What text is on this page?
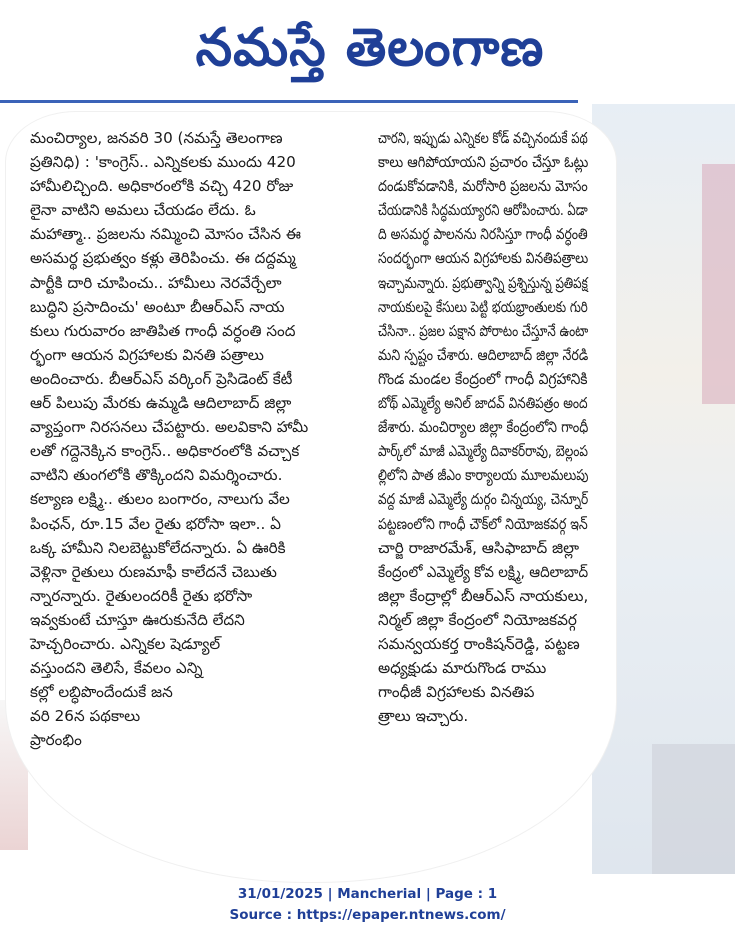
నమస్తే తెలంగాణ
మంచిర్యాల, జనవరి 30 (నమస్తే తెలంగాణ
ప్రతినిధి) : 'కాంగ్రెస్.. ఎన్నికలకు ముందు 420
హామీలిచ్చింది. అధికారంలోకి వచ్చి 420 రోజు
లైనా వాటిని అమలు చేయడం లేదు. ఓ
మహాత్మా.. ప్రజలను నమ్మించి మోసం చేసిన ఈ
అసమర్థ ప్రభుత్వం కళ్లు తెరిపించు. ఈ దద్దమ్మ
పార్టీకి దారి చూపించు.. హామీలు నెరవేర్చేలా
బుద్ధిని ప్రసాదించు' అంటూ బీఆర్ఎస్ నాయ
కులు గురువారం జాతిపిత గాంధీ వర్ధంతి సంద
ర్భంగా ఆయన విగ్రహాలకు వినతి పత్రాలు
అందించారు. బీఆర్ఎస్ వర్కింగ్ ప్రెసిడెంట్ కేటీ
ఆర్ పిలుపు మేరకు ఉమ్మడి ఆదిలాబాద్ జిల్లా
వ్యాప్తంగా నిరసనలు చేపట్టారు. అలవికాని హామీ
లతో గద్దెనెక్కిన కాంగ్రెస్.. అధికారంలోకి వచ్చాక
వాటిని తుంగలోకి తొక్కిందని విమర్శించారు.
కల్యాణ లక్ష్మి.. తులం బంగారం, నాలుగు వేల
పింఛన్, రూ.15 వేల రైతు భరోసా ఇలా.. ఏ
ఒక్క హామీని నిలబెట్టుకోలేదన్నారు. ఏ ఊరికి
వెళ్లినా రైతులు రుణమాఫీ కాలేదనే చెబుతు
న్నారన్నారు. రైతులందరికీ రైతు భరోసా
ఇవ్వకుంటే చూస్తూ ఊరుకునేది లేదని
హెచ్చరించారు. ఎన్నికల షెడ్యూల్
వస్తుందని తెలిసే, కేవలం ఎన్ని
కల్లో లబ్ధిపొందేందుకే జన
వరి 26న పథకాలు
ప్రారంభిం
చారని, ఇప్పుడు ఎన్నికల కోడ్ వచ్చినందుకే పథ
కాలు ఆగిపోయాయని ప్రచారం చేస్తూ ఓట్లు
దండుకోవడానికి, మరోసారి ప్రజలను మోసం
చేయడానికి సిద్ధమయ్యారని ఆరోపించారు. ఏడా
ది అసమర్థ పాలనను నిరసిస్తూ గాంధీ వర్ధంతి
సందర్భంగా ఆయన విగ్రహాలకు వినతిపత్రాలు
ఇచ్చామన్నారు. ప్రభుత్వాన్ని ప్రశ్నిస్తున్న ప్రతిపక్ష
నాయకులపై కేసులు పెట్టి భయభ్రాంతులకు గురి
చేసినా.. ప్రజల పక్షాన పోరాటం చేస్తూనే ఉంటా
మని స్పష్టం చేశారు. ఆదిలాబాద్ జిల్లా నేరడి
గొండ మండల కేంద్రంలో గాంధీ విగ్రహానికి
బోథ్ ఎమ్మెల్యే అనిల్ జాదవ్ వినతిపత్రం అంద
జేశారు. మంచిర్యాల జిల్లా కేంద్రంలోని గాంధీ
పార్క్‌లో మాజీ ఎమ్మెల్యే దివాకర్‌రావు, బెల్లంప
ల్లిలోని పాత జీఎం కార్యాలయ మూలమలుపు
వద్ద మాజీ ఎమ్మెల్యే దుర్గం చిన్నయ్య, చెన్నూర్
పట్టణంలోని గాంధీ చౌక్‌లో నియోజకవర్గ ఇన్
చార్జి రాజారమేశ్, ఆసిఫాబాద్ జిల్లా
కేంద్రంలో ఎమ్మెల్యే కోవ లక్ష్మి, ఆదిలాబాద్
జిల్లా కేంద్రాల్లో బీఆర్ఎస్ నాయకులు,
నిర్మల్ జిల్లా కేంద్రంలో నియోజకవర్గ
సమన్వయకర్త రాంకిషన్‌రెడ్డి, పట్టణ
అధ్యక్షుడు మారుగొండ రాము
గాంధీజీ విగ్రహాలకు వినతిప
త్రాలు ఇచ్చారు.
31/01/2025 | Mancherial | Page : 1
Source : https://epaper.ntnews.com/
